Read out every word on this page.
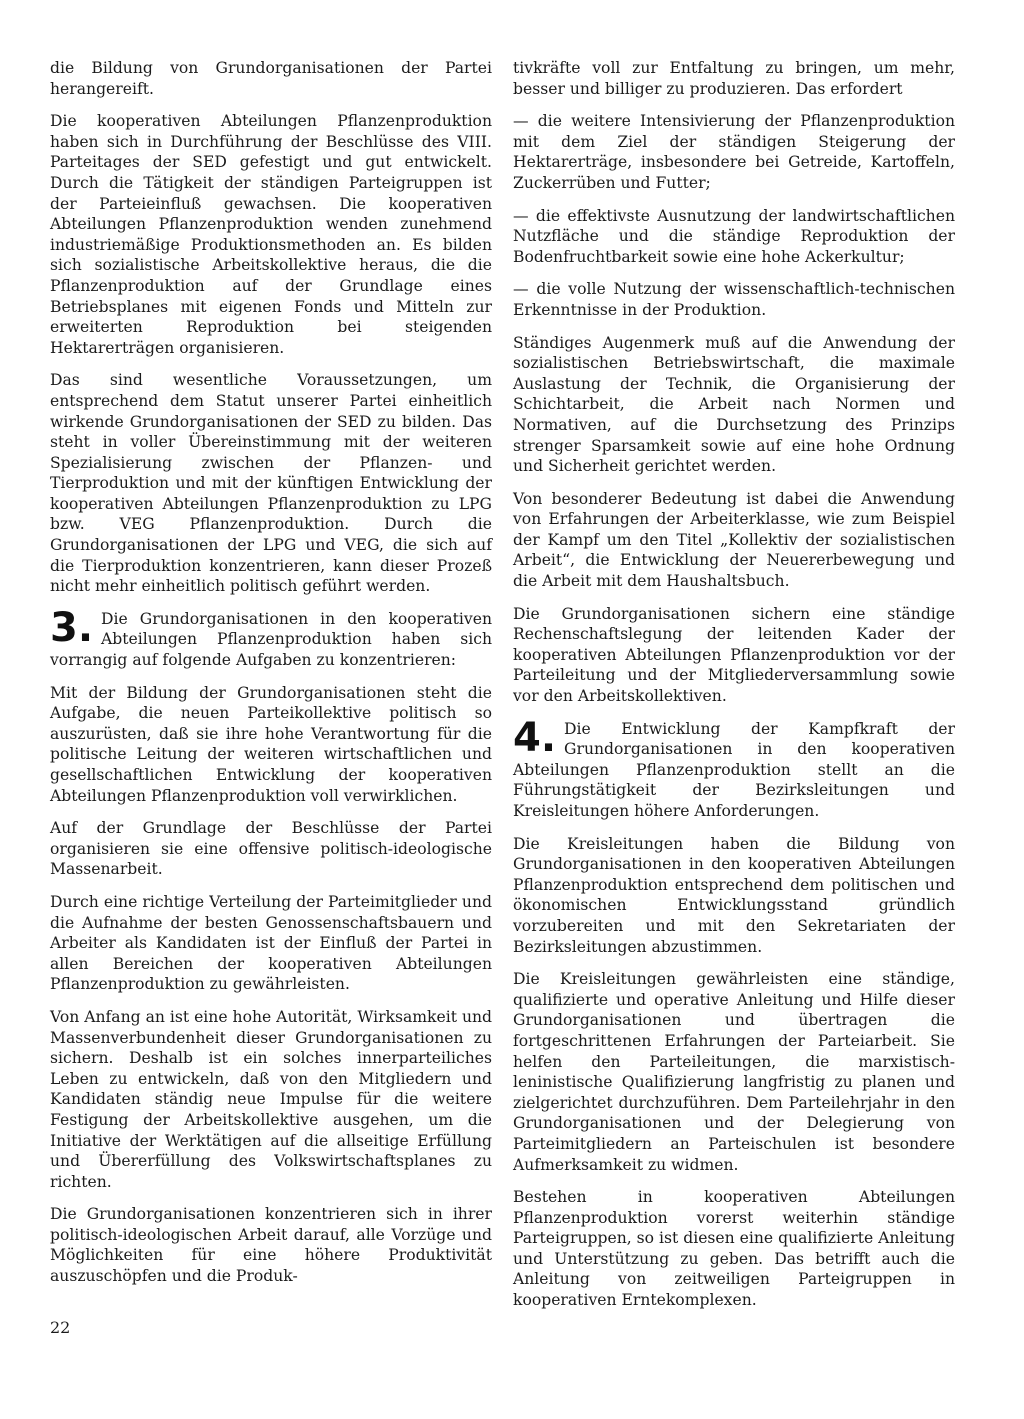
die Bildung von Grundorganisationen der Partei herangereift.

Die kooperativen Abteilungen Pflanzenproduktion haben sich in Durchführung der Beschlüsse des VIII. Parteitages der SED gefestigt und gut entwickelt. Durch die Tätigkeit der ständigen Parteigruppen ist der Parteieinfluß gewachsen. Die kooperativen Abteilungen Pflanzenproduktion wenden zunehmend industriemäßige Produktionsmethoden an. Es bilden sich sozialistische Arbeitskollektive heraus, die die Pflanzenproduktion auf der Grundlage eines Betriebsplanes mit eigenen Fonds und Mitteln zur erweiterten Reproduktion bei steigenden Hektarerträgen organisieren.

Das sind wesentliche Voraussetzungen, um entsprechend dem Statut unserer Partei einheitlich wirkende Grundorganisationen der SED zu bilden. Das steht in voller Übereinstimmung mit der weiteren Spezialisierung zwischen der Pflanzen- und Tierproduktion und mit der künftigen Entwicklung der kooperativen Abteilungen Pflanzenproduktion zu LPG bzw. VEG Pflanzenproduktion. Durch die Grundorganisationen der LPG und VEG, die sich auf die Tierproduktion konzentrieren, kann dieser Prozeß nicht mehr einheitlich politisch geführt werden.

3. Die Grundorganisationen in den kooperativen Abteilungen Pflanzenproduktion haben sich vorrangig auf folgende Aufgaben zu konzentrieren:

Mit der Bildung der Grundorganisationen steht die Aufgabe, die neuen Parteikollektive politisch so auszurüsten, daß sie ihre hohe Verantwortung für die politische Leitung der weiteren wirtschaftlichen und gesellschaftlichen Entwicklung der kooperativen Abteilungen Pflanzenproduktion voll verwirklichen.

Auf der Grundlage der Beschlüsse der Partei organisieren sie eine offensive politisch-ideologische Massenarbeit.

Durch eine richtige Verteilung der Parteimitglieder und die Aufnahme der besten Genossenschaftsbauern und Arbeiter als Kandidaten ist der Einfluß der Partei in allen Bereichen der kooperativen Abteilungen Pflanzenproduktion zu gewährleisten.

Von Anfang an ist eine hohe Autorität, Wirksamkeit und Massenverbundenheit dieser Grundorganisationen zu sichern. Deshalb ist ein solches innerparteiliches Leben zu entwickeln, daß von den Mitgliedern und Kandidaten ständig neue Impulse für die weitere Festigung der Arbeitskollektive ausgehen, um die Initiative der Werktätigen auf die allseitige Erfüllung und Übererfüllung des Volkswirtschaftsplanes zu richten.

Die Grundorganisationen konzentrieren sich in ihrer politisch-ideologischen Arbeit darauf, alle Vorzüge und Möglichkeiten für eine höhere Produktivität auszuschöpfen und die Produk-

tivkräfte voll zur Entfaltung zu bringen, um mehr, besser und billiger zu produzieren. Das erfordert

— die weitere Intensivierung der Pflanzenproduktion mit dem Ziel der ständigen Steigerung der Hektarerträge, insbesondere bei Getreide, Kartoffeln, Zuckerrüben und Futter;

— die effektivste Ausnutzung der landwirtschaftlichen Nutzfläche und die ständige Reproduktion der Bodenfruchtbarkeit sowie eine hohe Ackerkultur;

— die volle Nutzung der wissenschaftlich-technischen Erkenntnisse in der Produktion.

Ständiges Augenmerk muß auf die Anwendung der sozialistischen Betriebswirtschaft, die maximale Auslastung der Technik, die Organisierung der Schichtarbeit, die Arbeit nach Normen und Normativen, auf die Durchsetzung des Prinzips strenger Sparsamkeit sowie auf eine hohe Ordnung und Sicherheit gerichtet werden.

Von besonderer Bedeutung ist dabei die Anwendung von Erfahrungen der Arbeiterklasse, wie zum Beispiel der Kampf um den Titel „Kollektiv der sozialistischen Arbeit“, die Entwicklung der Neuererbewegung und die Arbeit mit dem Haushaltsbuch.

Die Grundorganisationen sichern eine ständige Rechenschaftslegung der leitenden Kader der kooperativen Abteilungen Pflanzenproduktion vor der Parteileitung und der Mitgliederversammlung sowie vor den Arbeitskollektiven.

4. Die Entwicklung der Kampfkraft der Grundorganisationen in den kooperativen Abteilungen Pflanzenproduktion stellt an die Führungstätigkeit der Bezirksleitungen und Kreisleitungen höhere Anforderungen.

Die Kreisleitungen haben die Bildung von Grundorganisationen in den kooperativen Abteilungen Pflanzenproduktion entsprechend dem politischen und ökonomischen Entwicklungsstand gründlich vorzubereiten und mit den Sekretariaten der Bezirksleitungen abzustimmen.

Die Kreisleitungen gewährleisten eine ständige, qualifizierte und operative Anleitung und Hilfe dieser Grundorganisationen und übertragen die fortgeschrittenen Erfahrungen der Parteiarbeit. Sie helfen den Parteileitungen, die marxistisch-leninistische Qualifizierung langfristig zu planen und zielgerichtet durchzuführen. Dem Parteilehrjahr in den Grundorganisationen und der Delegierung von Parteimitgliedern an Parteischulen ist besondere Aufmerksamkeit zu widmen.

Bestehen in kooperativen Abteilungen Pflanzenproduktion vorerst weiterhin ständige Parteigruppen, so ist diesen eine qualifizierte Anleitung und Unterstützung zu geben. Das betrifft auch die Anleitung von zeitweiligen Parteigruppen in kooperativen Erntekomplexen.

22
